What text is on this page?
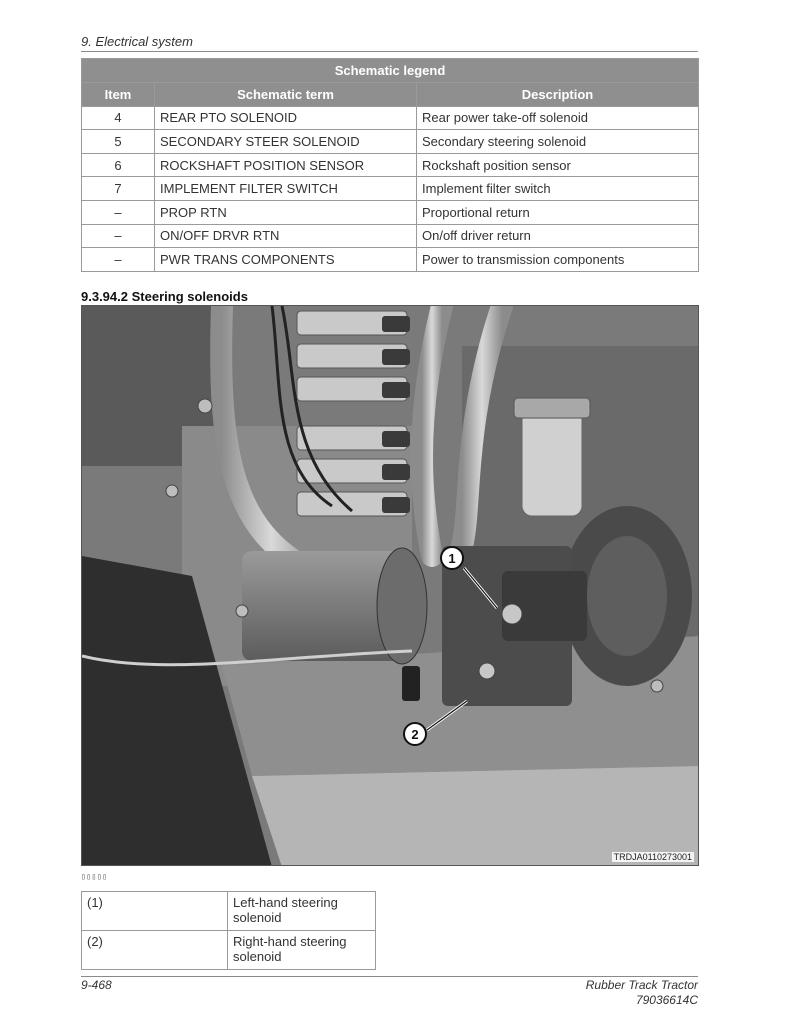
9. Electrical system
Schematic legend		
Item	Schematic term	Description
4	REAR PTO SOLENOID	Rear power take-off solenoid
5	SECONDARY STEER SOLENOID	Secondary steering solenoid
6	ROCKSHAFT POSITION SENSOR	Rockshaft position sensor
7	IMPLEMENT FILTER SWITCH	Implement filter switch
–	PROP RTN	Proportional return
–	ON/OFF DRVR RTN	On/off driver return
–	PWR TRANS COMPONENTS	Power to transmission components
9.3.94.2 Steering solenoids
1
2
TRDJA0110273001
▯▯▯▯▯
(1)	Left-hand steering solenoid
(2)	Right-hand steering solenoid
9-468	Rubber Track Tractor
79036614C
